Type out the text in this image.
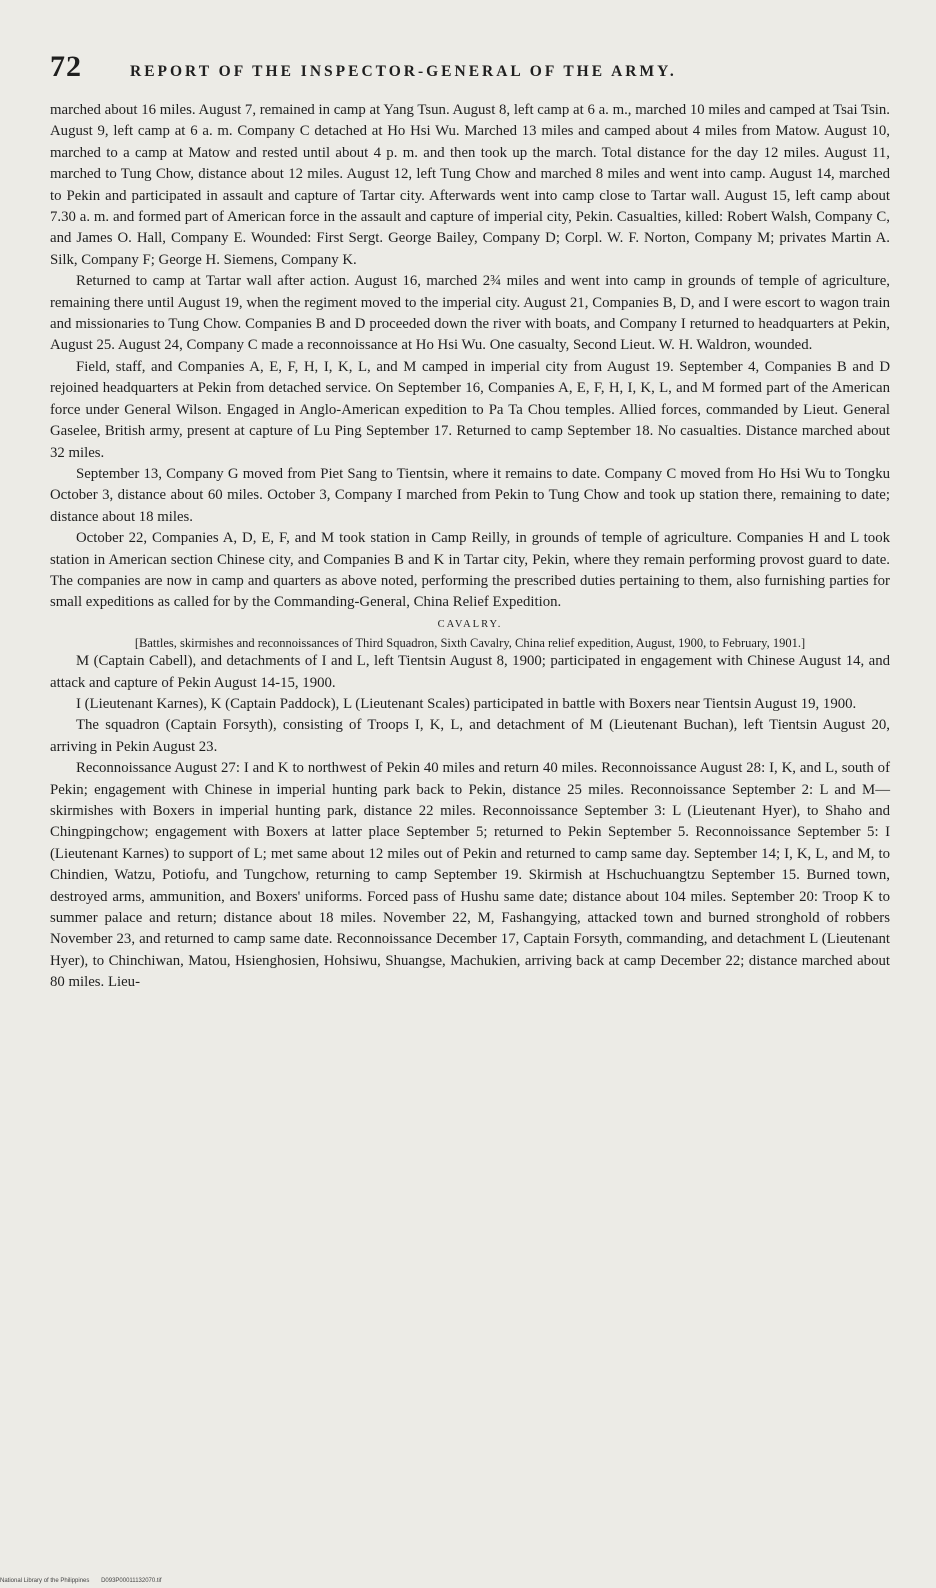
72	REPORT OF THE INSPECTOR-GENERAL OF THE ARMY.

marched about 16 miles. August 7, remained in camp at Yang Tsun. August 8, left camp at 6 a. m., marched 10 miles and camped at Tsai Tsin. August 9, left camp at 6 a. m. Company C detached at Ho Hsi Wu. Marched 13 miles and camped about 4 miles from Matow. August 10, marched to a camp at Matow and rested until about 4 p. m. and then took up the march. Total distance for the day 12 miles. August 11, marched to Tung Chow, distance about 12 miles. August 12, left Tung Chow and marched 8 miles and went into camp. August 14, marched to Pekin and participated in assault and capture of Tartar city. Afterwards went into camp close to Tartar wall. August 15, left camp about 7.30 a. m. and formed part of American force in the assault and capture of imperial city, Pekin. Casualties, killed: Robert Walsh, Company C, and James O. Hall, Company E. Wounded: First Sergt. George Bailey, Company D; Corpl. W. F. Norton, Company M; privates Martin A. Silk, Company F; George H. Siemens, Company K.

Returned to camp at Tartar wall after action. August 16, marched 2¾ miles and went into camp in grounds of temple of agriculture, remaining there until August 19, when the regiment moved to the imperial city. August 21, Companies B, D, and I were escort to wagon train and missionaries to Tung Chow. Companies B and D proceeded down the river with boats, and Company I returned to headquarters at Pekin, August 25. August 24, Company C made a reconnoissance at Ho Hsi Wu. One casualty, Second Lieut. W. H. Waldron, wounded.

Field, staff, and Companies A, E, F, H, I, K, L, and M camped in imperial city from August 19. September 4, Companies B and D rejoined headquarters at Pekin from detached service. On September 16, Companies A, E, F, H, I, K, L, and M formed part of the American force under General Wilson. Engaged in Anglo-American expedition to Pa Ta Chou temples. Allied forces, commanded by Lieut. General Gaselee, British army, present at capture of Lu Ping September 17. Returned to camp September 18. No casualties. Distance marched about 32 miles.

September 13, Company G moved from Piet Sang to Tientsin, where it remains to date. Company C moved from Ho Hsi Wu to Tongku October 3, distance about 60 miles. October 3, Company I marched from Pekin to Tung Chow and took up station there, remaining to date; distance about 18 miles.

October 22, Companies A, D, E, F, and M took station in Camp Reilly, in grounds of temple of agriculture. Companies H and L took station in American section Chinese city, and Companies B and K in Tartar city, Pekin, where they remain performing provost guard to date. The companies are now in camp and quarters as above noted, performing the prescribed duties pertaining to them, also furnishing parties for small expeditions as called for by the Commanding-General, China Relief Expedition.

CAVALRY.

[Battles, skirmishes and reconnoissances of Third Squadron, Sixth Cavalry, China relief expedition, August, 1900, to February, 1901.]

M (Captain Cabell), and detachments of I and L, left Tientsin August 8, 1900; participated in engagement with Chinese August 14, and attack and capture of Pekin August 14-15, 1900.

I (Lieutenant Karnes), K (Captain Paddock), L (Lieutenant Scales) participated in battle with Boxers near Tientsin August 19, 1900.

The squadron (Captain Forsyth), consisting of Troops I, K, L, and detachment of M (Lieutenant Buchan), left Tientsin August 20, arriving in Pekin August 23.

Reconnoissance August 27: I and K to northwest of Pekin 40 miles and return 40 miles. Reconnoissance August 28: I, K, and L, south of Pekin; engagement with Chinese in imperial hunting park back to Pekin, distance 25 miles. Reconnoissance September 2: L and M—skirmishes with Boxers in imperial hunting park, distance 22 miles. Reconnoissance September 3: L (Lieutenant Hyer), to Shaho and Chingpingchow; engagement with Boxers at latter place September 5; returned to Pekin September 5. Reconnoissance September 5: I (Lieutenant Karnes) to support of L; met same about 12 miles out of Pekin and returned to camp same day. September 14; I, K, L, and M, to Chindien, Watzu, Potiofu, and Tungchow, returning to camp September 19. Skirmish at Hschuchuangtzu September 15. Burned town, destroyed arms, ammunition, and Boxers' uniforms. Forced pass of Hushu same date; distance about 104 miles. September 20: Troop K to summer palace and return; distance about 18 miles. November 22, M, Fashangying, attacked town and burned stronghold of robbers November 23, and returned to camp same date. Reconnoissance December 17, Captain Forsyth, commanding, and detachment L (Lieutenant Hyer), to Chinchiwan, Matou, Hsienghosien, Hohsiwu, Shuangse, Machukien, arriving back at camp December 22; distance marched about 80 miles. Lieu-

National Library of the Philippines D093P00011132070.tif
